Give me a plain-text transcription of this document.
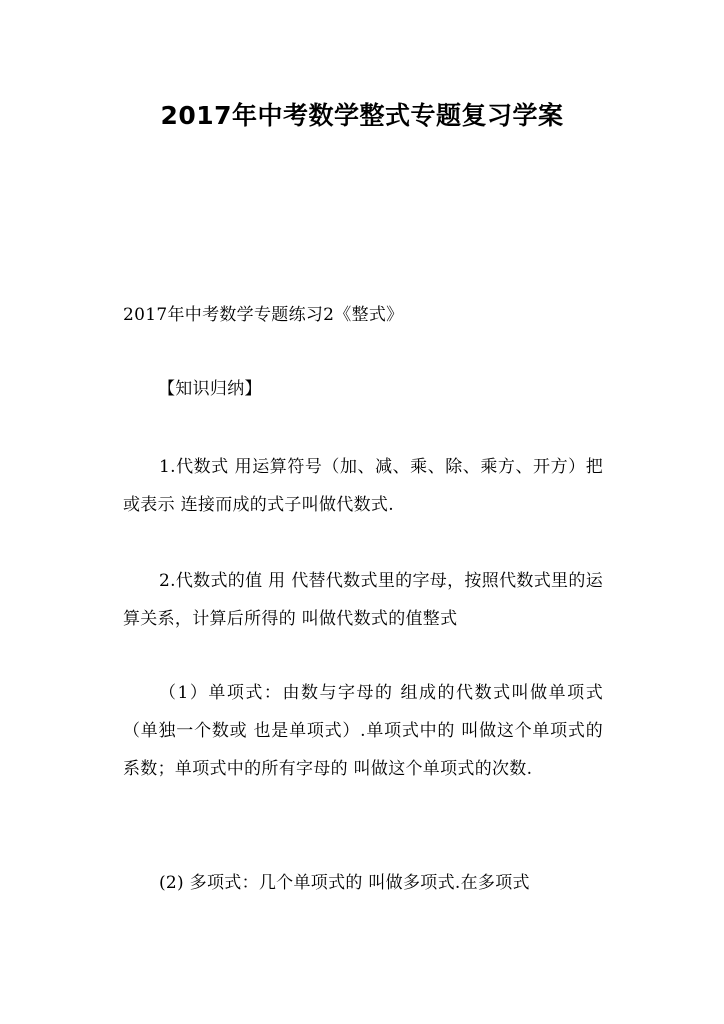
2017年中考数学整式专题复习学案

2017年中考数学专题练习2《整式》

【知识归纳】

1.代数式 用运算符号（加、减、乘、除、乘方、开方）把 或表示 连接而成的式子叫做代数式.

2.代数式的值 用 代替代数式里的字母，按照代数式里的运算关系，计算后所得的 叫做代数式的值整式

（1）单项式：由数与字母的 组成的代数式叫做单项式（单独一个数或 也是单项式）.单项式中的 叫做这个单项式的系数；单项式中的所有字母的 叫做这个单项式的次数.

(2) 多项式：几个单项式的 叫做多项式.在多项式
